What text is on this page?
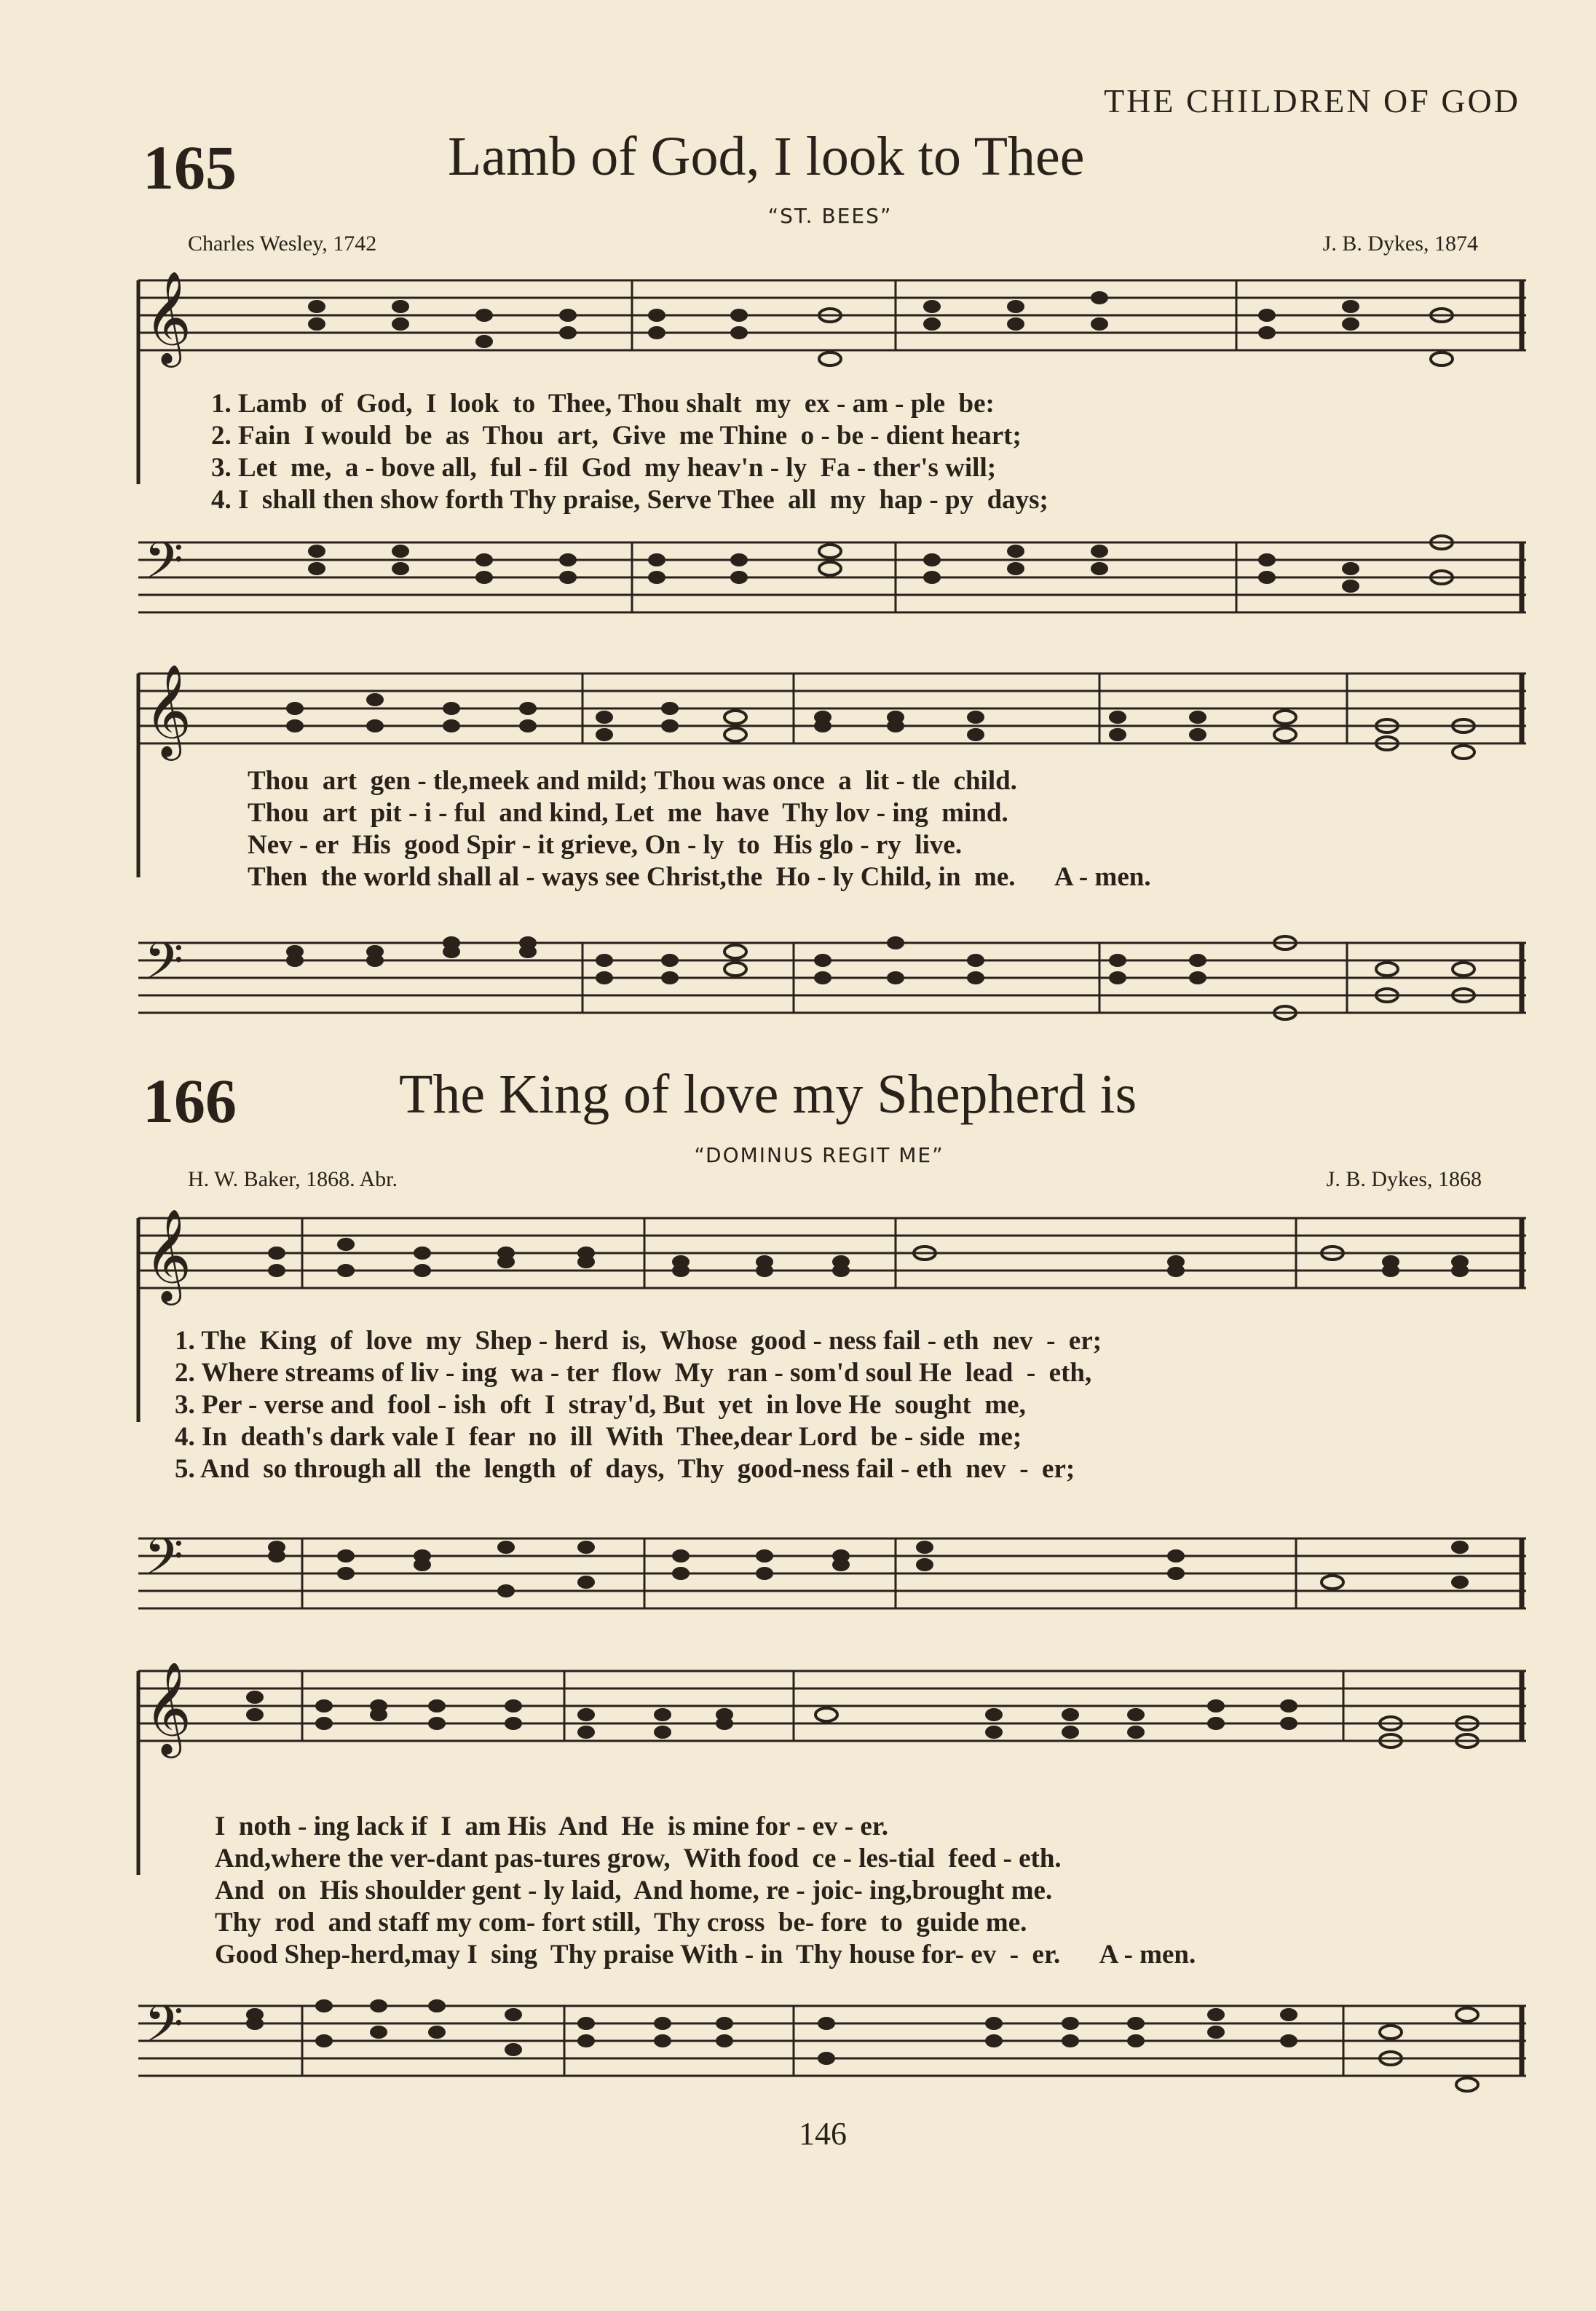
THE CHILDREN OF GOD
165	Lamb of God, I look to Thee
“ST. BEES”
Charles Wesley, 1742	J. B. Dykes, 1874
𝄞
1. Lamb  of  God,  I  look  to  Thee, Thou shalt  my  ex - am - ple  be:
2. Fain  I would  be  as  Thou  art,  Give  me Thine  o - be - dient heart;
3. Let  me,  a - bove all,  ful - fil  God  my heav'n - ly  Fa - ther's will;
4. I  shall then show forth Thy praise, Serve Thee  all  my  hap - py  days;
𝄢
𝄞
Thou  art  gen - tle,meek and mild; Thou was once  a  lit - tle  child.
Thou  art  pit - i - ful  and kind, Let  me  have  Thy lov - ing  mind.
Nev - er  His  good Spir - it grieve, On - ly  to  His glo - ry  live.
Then  the world shall al - ways see Christ,the  Ho - ly Child, in  me.      A - men.
𝄢
166	The King of love my Shepherd is
“DOMINUS REGIT ME”
H. W. Baker, 1868. Abr.	J. B. Dykes, 1868
𝄞
1. The  King  of  love  my  Shep - herd  is,  Whose  good - ness fail - eth  nev  -  er;
2. Where streams of liv - ing  wa - ter  flow  My  ran - som'd soul He  lead  -  eth,
3. Per - verse and  fool - ish  oft  I  stray'd, But  yet  in love He  sought  me,
4. In  death's dark vale I  fear  no  ill  With  Thee,dear Lord  be - side  me;
5. And  so through all  the  length  of  days,  Thy  good-ness fail - eth  nev  -  er;
𝄢
𝄞
I  noth - ing lack if  I  am His  And  He  is mine for - ev - er.
And,where the ver-dant pas-tures grow,  With food  ce - les-tial  feed - eth.
And  on  His shoulder gent - ly laid,  And home, re - joic- ing,brought me.
Thy  rod  and staff my com- fort still,  Thy cross  be- fore  to  guide me.
Good Shep-herd,may I  sing  Thy praise With - in  Thy house for- ev  -  er.      A - men.
𝄢
146
